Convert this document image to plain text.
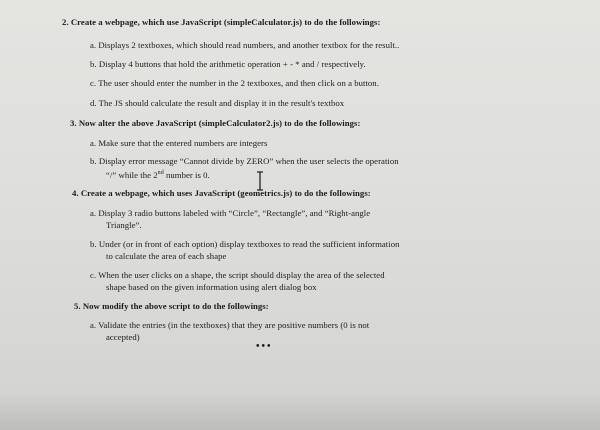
2. Create a webpage, which use JavaScript (simpleCalculator.js) to do the followings:
a. Displays 2 textboxes, which should read numbers, and another textbox for the result..
b. Display 4 buttons that hold the arithmetic operation + - * and / respectively.
c. The user should enter the number in the 2 textboxes, and then click on a button.
d. The JS should calculate the result and display it in the result's textbox
3. Now alter the above JavaScript (simpleCalculator2.js) to do the followings:
a. Make sure that the entered numbers are integers
b. Display error message “Cannot divide by ZERO” when the user selects the operation
“/” while the 2nd number is 0.
4. Create a webpage, which uses JavaScript (geometrics.js) to do the followings:
a. Display 3 radio buttons labeled with “Circle”, “Rectangle”, and “Right-angle
Triangle”.
b. Under (or in front of each option) display textboxes to read the sufficient information
to calculate the area of each shape
c. When the user clicks on a shape, the script should display the area of the selected
shape based on the given information using alert dialog box
5. Now modify the above script to do the followings:
a. Validate the entries (in the textboxes) that they are positive numbers (0 is not
accepted)
•••
